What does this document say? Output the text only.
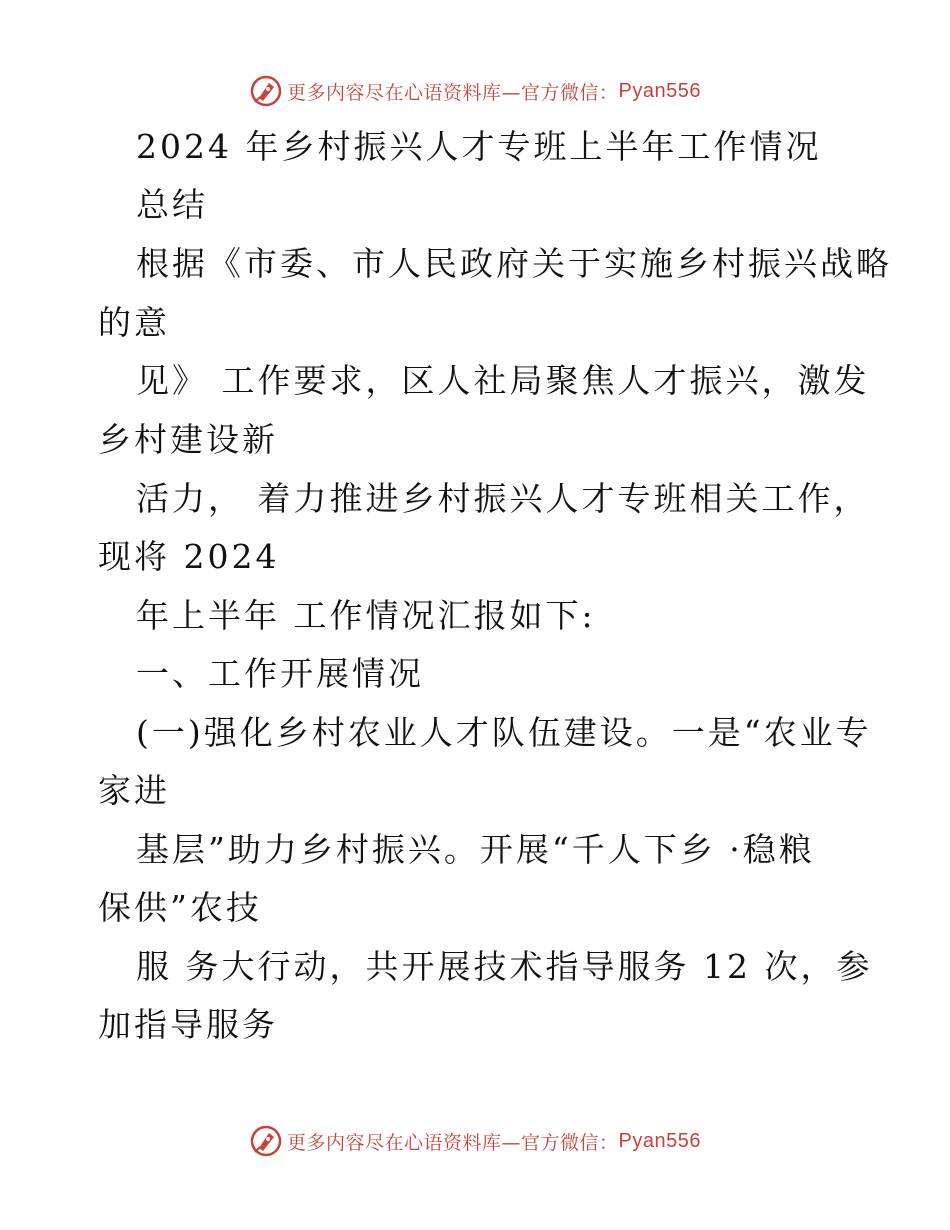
更多内容尽在心语资料库—官方微信： Pyan556
2024 年乡村振兴人才专班上半年工作情况
总结
根据《市委、市人民政府关于实施乡村振兴战略
的意
见》 工作要求，区人社局聚焦人才振兴，激发
乡村建设新
活力， 着力推进乡村振兴人才专班相关工作，
现将 2024
年上半年 工作情况汇报如下:
一、工作开展情况
(一)强化乡村农业人才队伍建设。一是“农业专
家进
基层”助力乡村振兴。开展“千人下乡 ·稳粮
保供”农技
服 务大行动，共开展技术指导服务 12 次，参
加指导服务
更多内容尽在心语资料库—官方微信： Pyan556
